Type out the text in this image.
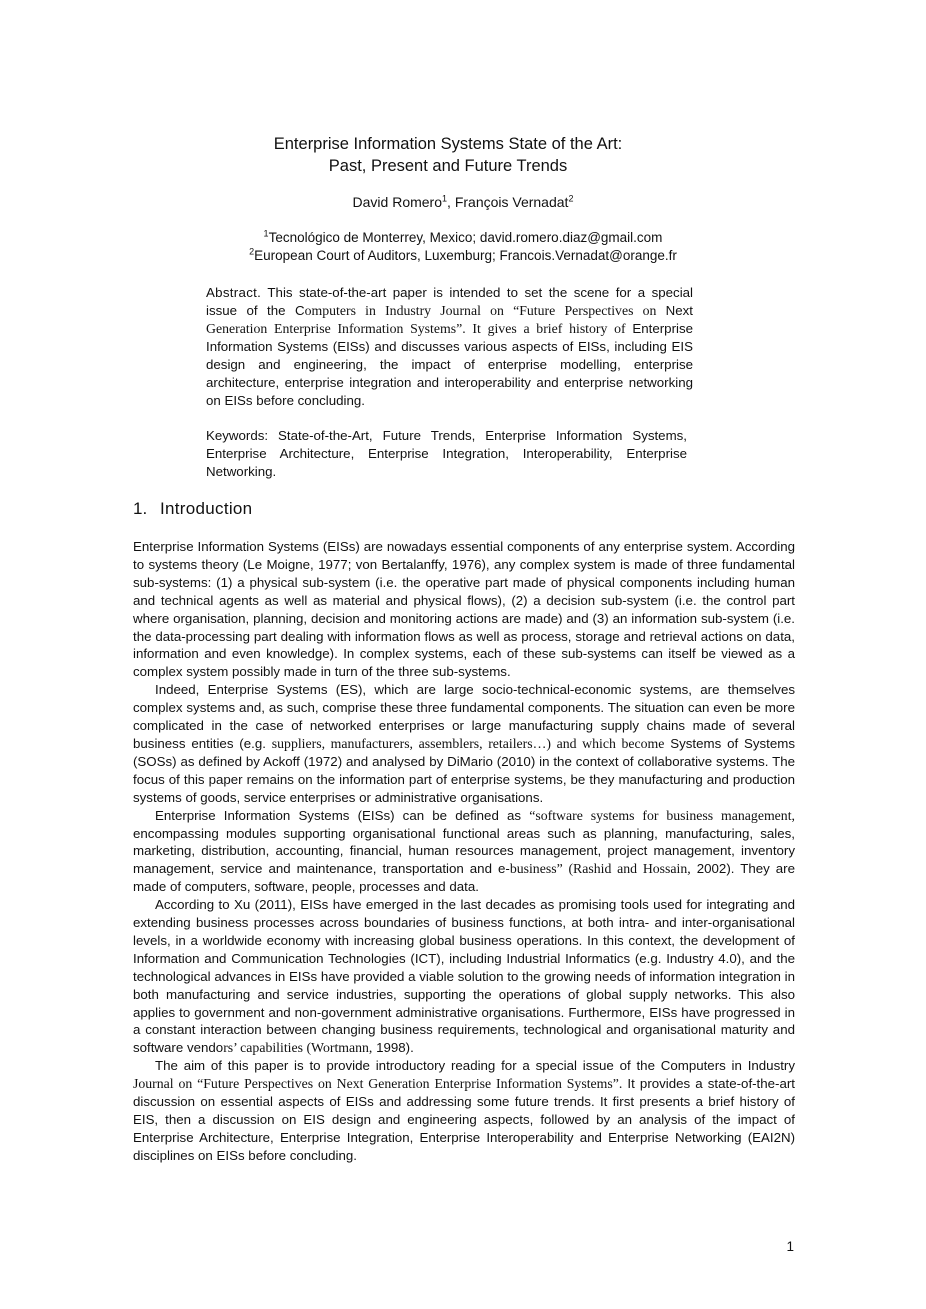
Enterprise Information Systems State of the Art:
Past, Present and Future Trends
David Romero$^1$, François Vernadat$^2$
$^1$Tecnológico de Monterrey, Mexico; david.romero.diaz@gmail.com
$^2$European Court of Auditors, Luxemburg; Francois.Vernadat@orange.fr
Abstract. This state-of-the-art paper is intended to set the scene for a special issue of the Computers in Industry Journal on “Future Perspectives on Next Generation Enterprise Information Systems”. It gives a brief history of Enterprise Information Systems (EISs) and discusses various aspects of EISs, including EIS design and engineering, the impact of enterprise modelling, enterprise architecture, enterprise integration and interoperability and enterprise networking on EISs before concluding.
Keywords: State-of-the-Art, Future Trends, Enterprise Information Systems, Enterprise Architecture, Enterprise Integration, Interoperability, Enterprise Networking.
1. Introduction

Enterprise Information Systems (EISs) are nowadays essential components of any enterprise system. According to systems theory (Le Moigne, 1977; von Bertalanffy, 1976), any complex system is made of three fundamental sub-systems: (1) a physical sub-system (i.e. the operative part made of physical components including human and technical agents as well as material and physical flows), (2) a decision sub-system (i.e. the control part where organisation, planning, decision and monitoring actions are made) and (3) an information sub-system (i.e. the data-processing part dealing with information flows as well as process, storage and retrieval actions on data, information and even knowledge). In complex systems, each of these sub-systems can itself be viewed as a complex system possibly made in turn of the three sub-systems.

Indeed, Enterprise Systems (ES), which are large socio-technical-economic systems, are themselves complex systems and, as such, comprise these three fundamental components. The situation can even be more complicated in the case of networked enterprises or large manufacturing supply chains made of several business entities (e.g. suppliers, manufacturers, assemblers, retailers…) and which become Systems of Systems (SOSs) as defined by Ackoff (1972) and analysed by DiMario (2010) in the context of collaborative systems. The focus of this paper remains on the information part of enterprise systems, be they manufacturing and production systems of goods, service enterprises or administrative organisations.

Enterprise Information Systems (EISs) can be defined as “software systems for business management, encompassing modules supporting organisational functional areas such as planning, manufacturing, sales, marketing, distribution, accounting, financial, human resources management, project management, inventory management, service and maintenance, transportation and e-business” (Rashid and Hossain, 2002). They are made of computers, software, people, processes and data.

According to Xu (2011), EISs have emerged in the last decades as promising tools used for integrating and extending business processes across boundaries of business functions, at both intra- and inter-organisational levels, in a worldwide economy with increasing global business operations. In this context, the development of Information and Communication Technologies (ICT), including Industrial Informatics (e.g. Industry 4.0), and the technological advances in EISs have provided a viable solution to the growing needs of information integration in both manufacturing and service industries, supporting the operations of global supply networks. This also applies to government and non-government administrative organisations. Furthermore, EISs have progressed in a constant interaction between changing business requirements, technological and organisational maturity and software vendors’ capabilities (Wortmann, 1998).

The aim of this paper is to provide introductory reading for a special issue of the Computers in Industry Journal on “Future Perspectives on Next Generation Enterprise Information Systems”. It provides a state-of-the-art discussion on essential aspects of EISs and addressing some future trends. It first presents a brief history of EIS, then a discussion on EIS design and engineering aspects, followed by an analysis of the impact of Enterprise Architecture, Enterprise Integration, Enterprise Interoperability and Enterprise Networking (EAI2N) disciplines on EISs before concluding.

1
